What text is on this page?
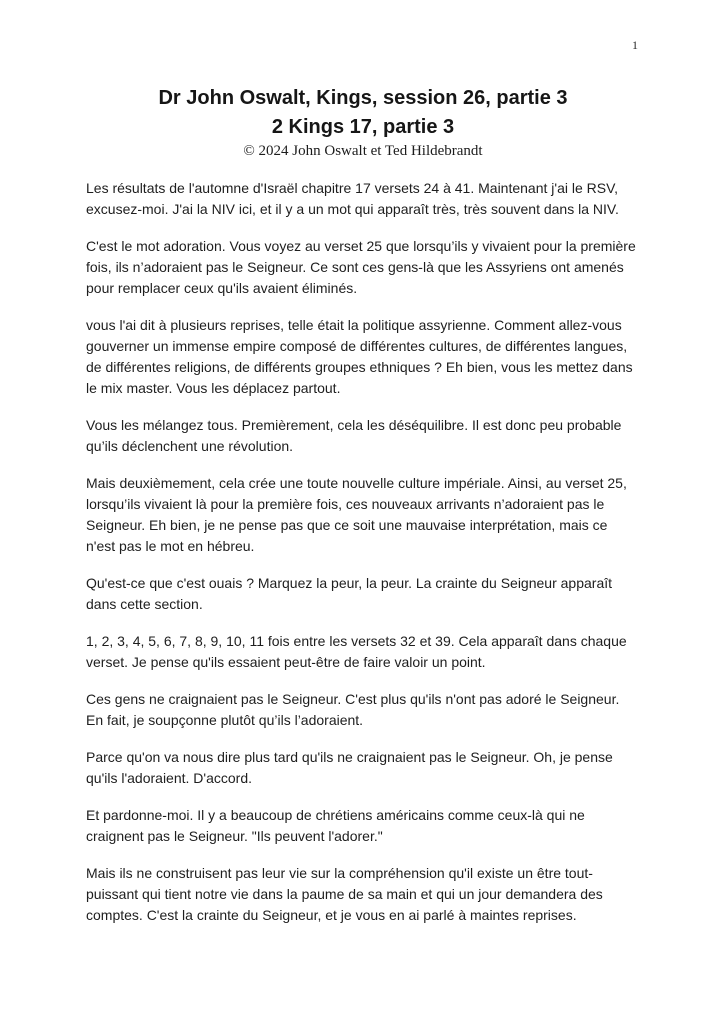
1
Dr John Oswalt, Kings, session 26, partie 3
2 Kings 17, partie 3
© 2024 John Oswalt et Ted Hildebrandt

Les résultats de l'automne d'Israël chapitre 17 versets 24 à 41. Maintenant j'ai le RSV, excusez-moi. J'ai la NIV ici, et il y a un mot qui apparaît très, très souvent dans la NIV.

C'est le mot adoration. Vous voyez au verset 25 que lorsqu’ils y vivaient pour la première fois, ils n’adoraient pas le Seigneur. Ce sont ces gens-là que les Assyriens ont amenés pour remplacer ceux qu'ils avaient éliminés.

vous l'ai dit à plusieurs reprises, telle était la politique assyrienne. Comment allez-vous gouverner un immense empire composé de différentes cultures, de différentes langues, de différentes religions, de différents groupes ethniques ? Eh bien, vous les mettez dans le mix master. Vous les déplacez partout.

Vous les mélangez tous. Premièrement, cela les déséquilibre. Il est donc peu probable qu’ils déclenchent une révolution.

Mais deuxièmement, cela crée une toute nouvelle culture impériale. Ainsi, au verset 25, lorsqu’ils vivaient là pour la première fois, ces nouveaux arrivants n’adoraient pas le Seigneur. Eh bien, je ne pense pas que ce soit une mauvaise interprétation, mais ce n'est pas le mot en hébreu.

Qu'est-ce que c'est ouais ? Marquez la peur, la peur. La crainte du Seigneur apparaît dans cette section.

1, 2, 3, 4, 5, 6, 7, 8, 9, 10, 11 fois entre les versets 32 et 39. Cela apparaît dans chaque verset. Je pense qu'ils essaient peut-être de faire valoir un point.

Ces gens ne craignaient pas le Seigneur. C'est plus qu'ils n'ont pas adoré le Seigneur. En fait, je soupçonne plutôt qu’ils l’adoraient.

Parce qu'on va nous dire plus tard qu'ils ne craignaient pas le Seigneur. Oh, je pense qu'ils l'adoraient. D'accord.

Et pardonne-moi. Il y a beaucoup de chrétiens américains comme ceux-là qui ne craignent pas le Seigneur. "Ils peuvent l'adorer."

Mais ils ne construisent pas leur vie sur la compréhension qu'il existe un être tout-puissant qui tient notre vie dans la paume de sa main et qui un jour demandera des comptes. C'est la crainte du Seigneur, et je vous en ai parlé à maintes reprises.
